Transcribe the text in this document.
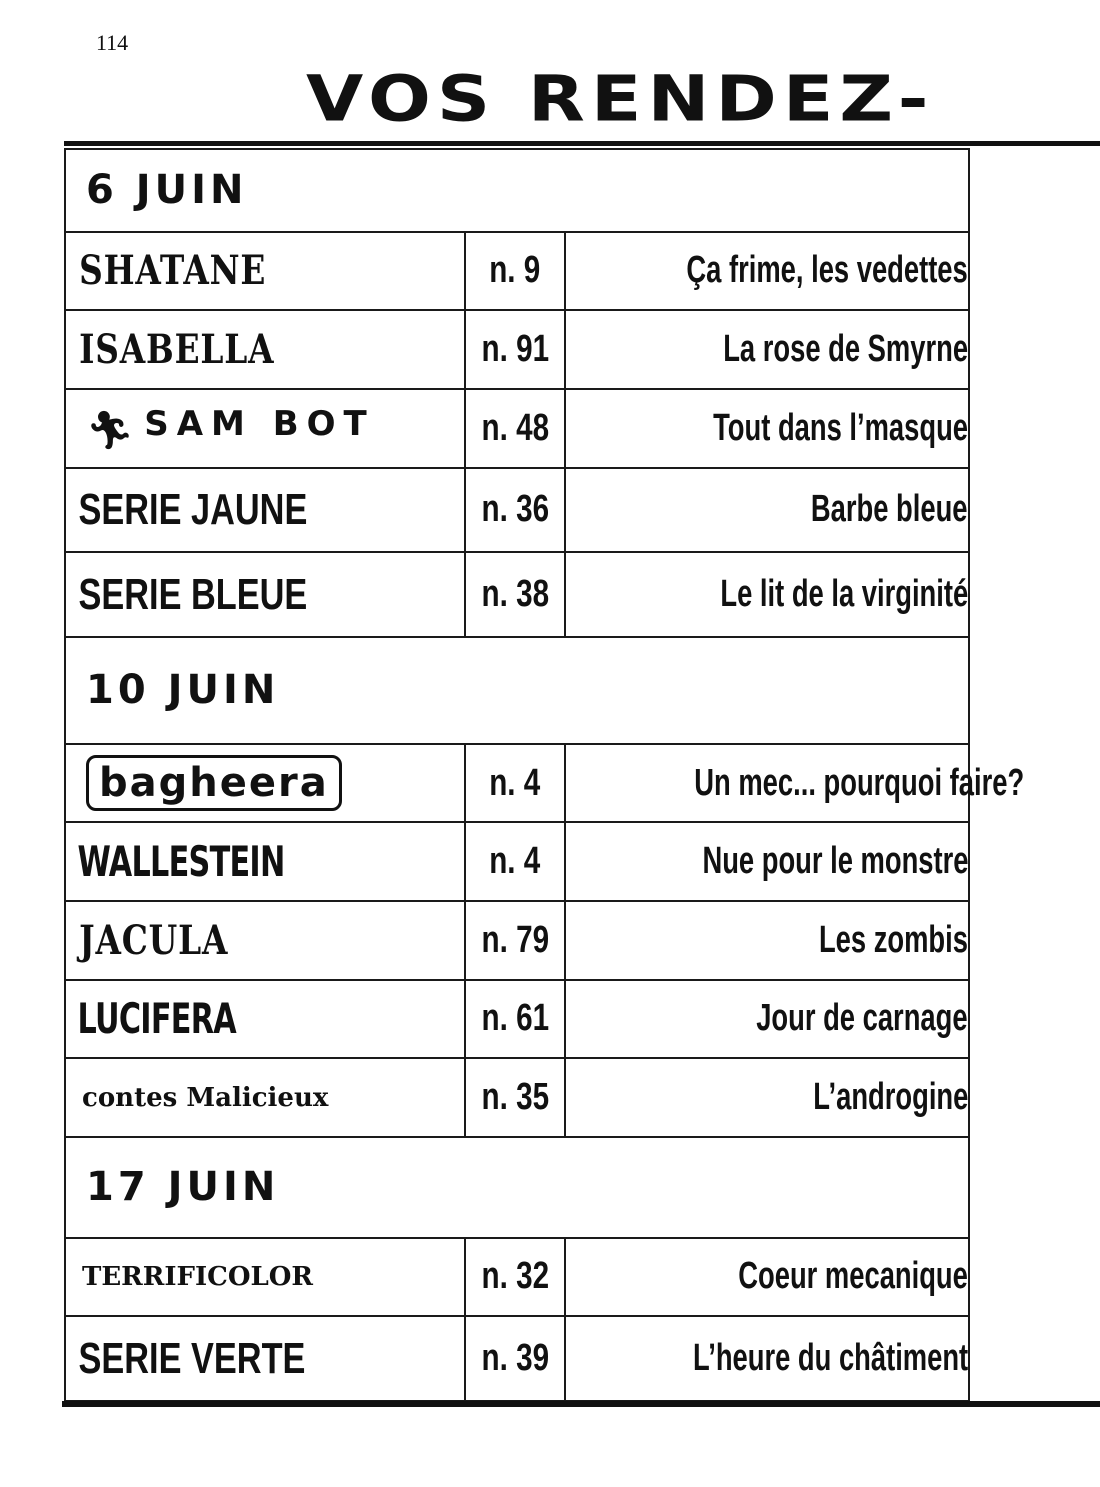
114
VOS RENDEZ-
6 JUIN		
SHATANE	n. 9	Ça frime, les vedettes
ISABELLA	n. 91	La rose de Smyrne
🏃︎ SAM BOT	n. 48	Tout dans l’masque
SERIE JAUNE	n. 36	Barbe bleue
SERIE BLEUE	n. 38	Le lit de la virginité
10 JUIN		
bagheera	n. 4	Un mec... pourquoi faire?
WALLESTEIN	n. 4	Nue pour le monstre
JACULA	n. 79	Les zombis
LUCIFERA	n. 61	Jour de carnage
contes Malicieux	n. 35	L’androgine
17 JUIN		
TERRIFICOLOR	n. 32	Coeur mecanique
SERIE VERTE	n. 39	L’heure du châtiment
